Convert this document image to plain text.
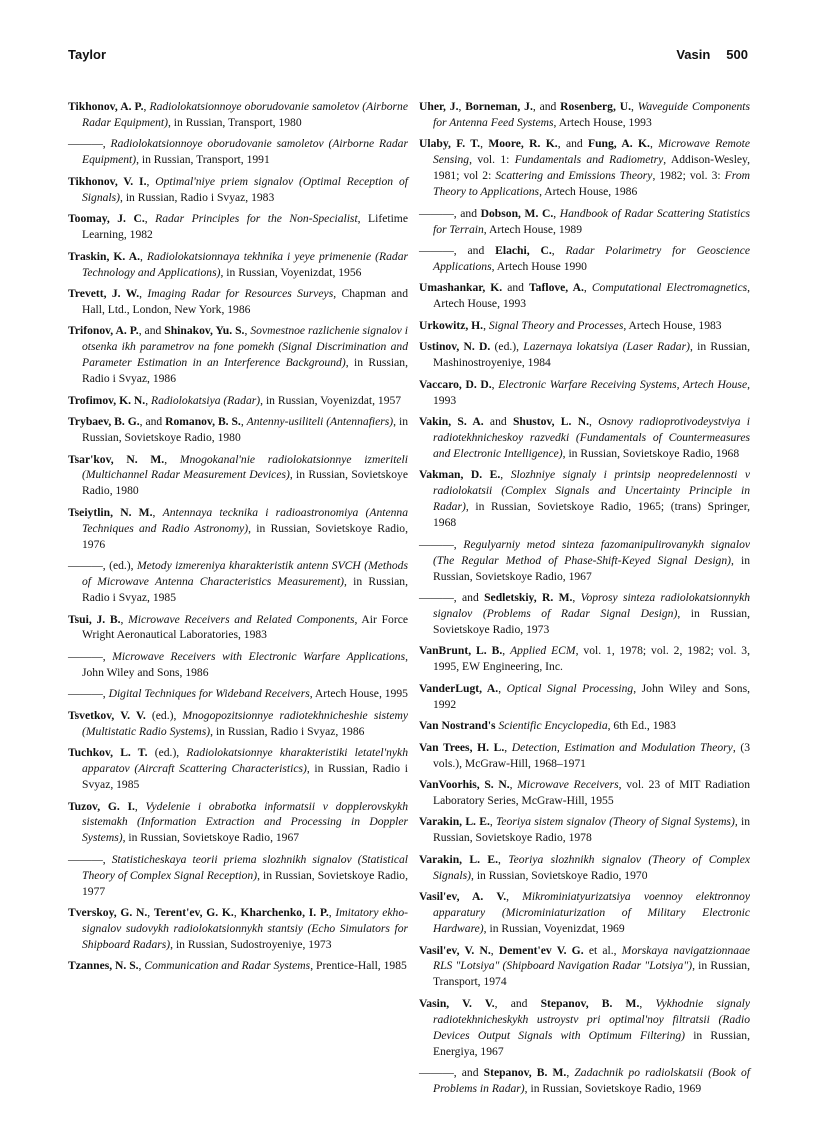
Taylor	Vasin 500

Tikhonov, A. P., Radiolokatsionnoye oborudovanie samoletov (Airborne Radar Equipment), in Russian, Transport, 1980

———, Radiolokatsionnoye oborudovanie samoletov (Airborne Radar Equipment), in Russian, Transport, 1991

Tikhonov, V. I., Optimal'niye priem signalov (Optimal Reception of Signals), in Russian, Radio i Svyaz, 1983

Toomay, J. C., Radar Principles for the Non-Specialist, Lifetime Learning, 1982

Traskin, K. A., Radiolokatsionnaya tekhnika i yeye primenenie (Radar Technology and Applications), in Russian, Voyenizdat, 1956

Trevett, J. W., Imaging Radar for Resources Surveys, Chapman and Hall, Ltd., London, New York, 1986

Trifonov, A. P., and Shinakov, Yu. S., Sovmestnoe razlichenie signalov i otsenka ikh parametrov na fone pomekh (Signal Discrimination and Parameter Estimation in an Interference Background), in Russian, Radio i Svyaz, 1986

Trofimov, K. N., Radiolokatsiya (Radar), in Russian, Voyenizdat, 1957

Trybaev, B. G., and Romanov, B. S., Antenny-usiliteli (Antennafiers), in Russian, Sovietskoye Radio, 1980

Tsar'kov, N. M., Mnogokanal'nie radiolokatsionnye izmeriteli (Multichannel Radar Measurement Devices), in Russian, Sovietskoye Radio, 1980

Tseiytlin, N. M., Antennaya tecknika i radioastronomiya (Antenna Techniques and Radio Astronomy), in Russian, Sovietskoye Radio, 1976

———, (ed.), Metody izmereniya kharakteristik antenn SVCH (Methods of Microwave Antenna Characteristics Measurement), in Russian, Radio i Svyaz, 1985

Tsui, J. B., Microwave Receivers and Related Components, Air Force Wright Aeronautical Laboratories, 1983

———, Microwave Receivers with Electronic Warfare Applications, John Wiley and Sons, 1986

———, Digital Techniques for Wideband Receivers, Artech House, 1995

Tsvetkov, V. V. (ed.), Mnogopozitsionnye radiotekhnicheshie sistemy (Multistatic Radio Systems), in Russian, Radio i Svyaz, 1986

Tuchkov, L. T. (ed.), Radiolokatsionnye kharakteristiki letatel'nykh apparatov (Aircraft Scattering Characteristics), in Russian, Radio i Svyaz, 1985

Tuzov, G. I., Vydelenie i obrabotka informatsii v dopplerovskykh sistemakh (Information Extraction and Processing in Doppler Systems), in Russian, Sovietskoye Radio, 1967

———, Statisticheskaya teorii priema slozhnikh signalov (Statistical Theory of Complex Signal Reception), in Russian, Sovietskoye Radio, 1977

Tverskoy, G. N., Terent'ev, G. K., Kharchenko, I. P., Imitatory ekho-signalov sudovykh radiolokatsionnykh stantsiy (Echo Simulators for Shipboard Radars), in Russian, Sudostroyeniye, 1973

Tzannes, N. S., Communication and Radar Systems, Prentice-Hall, 1985

Uher, J., Borneman, J., and Rosenberg, U., Waveguide Components for Antenna Feed Systems, Artech House, 1993

Ulaby, F. T., Moore, R. K., and Fung, A. K., Microwave Remote Sensing, vol. 1: Fundamentals and Radiometry, Addison-Wesley, 1981; vol 2: Scattering and Emissions Theory, 1982; vol. 3: From Theory to Applications, Artech House, 1986

———, and Dobson, M. C., Handbook of Radar Scattering Statistics for Terrain, Artech House, 1989

———, and Elachi, C., Radar Polarimetry for Geoscience Applications, Artech House 1990

Umashankar, K. and Taflove, A., Computational Electromagnetics, Artech House, 1993

Urkowitz, H., Signal Theory and Processes, Artech House, 1983

Ustinov, N. D. (ed.), Lazernaya lokatsiya (Laser Radar), in Russian, Mashinostroyeniye, 1984

Vaccaro, D. D., Electronic Warfare Receiving Systems, Artech House, 1993

Vakin, S. A. and Shustov, L. N., Osnovy radioprotivodeystviya i radiotekhnicheskoy razvedki (Fundamentals of Countermeasures and Electronic Intelligence), in Russian, Sovietskoye Radio, 1968

Vakman, D. E., Slozhniye signaly i printsip neopredelennosti v radiolokatsii (Complex Signals and Uncertainty Principle in Radar), in Russian, Sovietskoye Radio, 1965; (trans) Springer, 1968

———, Regulyarniy metod sinteza fazomanipulirovanykh signalov (The Regular Method of Phase-Shift-Keyed Signal Design), in Russian, Sovietskoye Radio, 1967

———, and Sedletskiy, R. M., Voprosy sinteza radiolokatsionnykh signalov (Problems of Radar Signal Design), in Russian, Sovietskoye Radio, 1973

VanBrunt, L. B., Applied ECM, vol. 1, 1978; vol. 2, 1982; vol. 3, 1995, EW Engineering, Inc.

VanderLugt, A., Optical Signal Processing, John Wiley and Sons, 1992

Van Nostrand's Scientific Encyclopedia, 6th Ed., 1983

Van Trees, H. L., Detection, Estimation and Modulation Theory, (3 vols.), McGraw-Hill, 1968–1971

VanVoorhis, S. N., Microwave Receivers, vol. 23 of MIT Radiation Laboratory Series, McGraw-Hill, 1955

Varakin, L. E., Teoriya sistem signalov (Theory of Signal Systems), in Russian, Sovietskoye Radio, 1978

Varakin, L. E., Teoriya slozhnikh signalov (Theory of Complex Signals), in Russian, Sovietskoye Radio, 1970

Vasil'ev, A. V., Mikrominiatyurizatsiya voennoy elektronnoy apparatury (Microminiaturization of Military Electronic Hardware), in Russian, Voyenizdat, 1969

Vasil'ev, V. N., Dement'ev V. G. et al., Morskaya navigatzionnaae RLS "Lotsiya" (Shipboard Navigation Radar "Lotsiya"), in Russian, Transport, 1974

Vasin, V. V., and Stepanov, B. M., Vykhodnie signaly radiotekhnicheskykh ustroystv pri optimal'noy filtratsii (Radio Devices Output Signals with Optimum Filtering) in Russian, Energiya, 1967

———, and Stepanov, B. M., Zadachnik po radiolskatsii (Book of Problems in Radar), in Russian, Sovietskoye Radio, 1969
